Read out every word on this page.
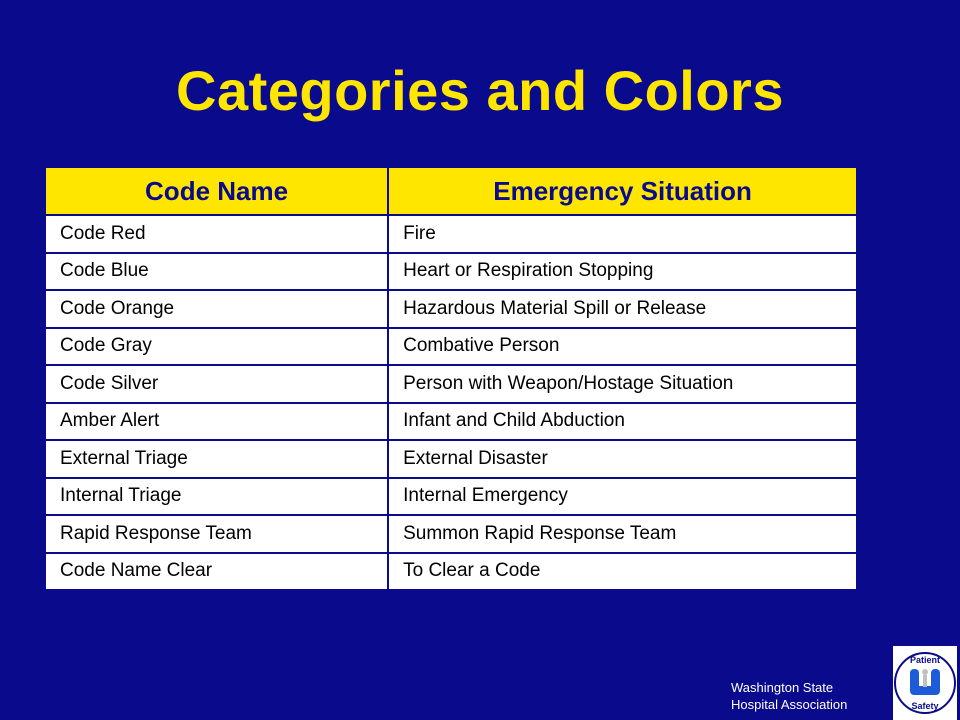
Categories and Colors
Code Name	Emergency Situation
Code Red	Fire
Code Blue	Heart or Respiration Stopping
Code Orange	Hazardous Material Spill or Release
Code Gray	Combative Person
Code Silver	Person with Weapon/Hostage Situation
Amber Alert	Infant and Child Abduction
External Triage	External Disaster
Internal Triage	Internal Emergency
Rapid Response Team	Summon Rapid Response Team
Code Name Clear	To Clear a Code
Washington State
Hospital Association
Patient
Safety
